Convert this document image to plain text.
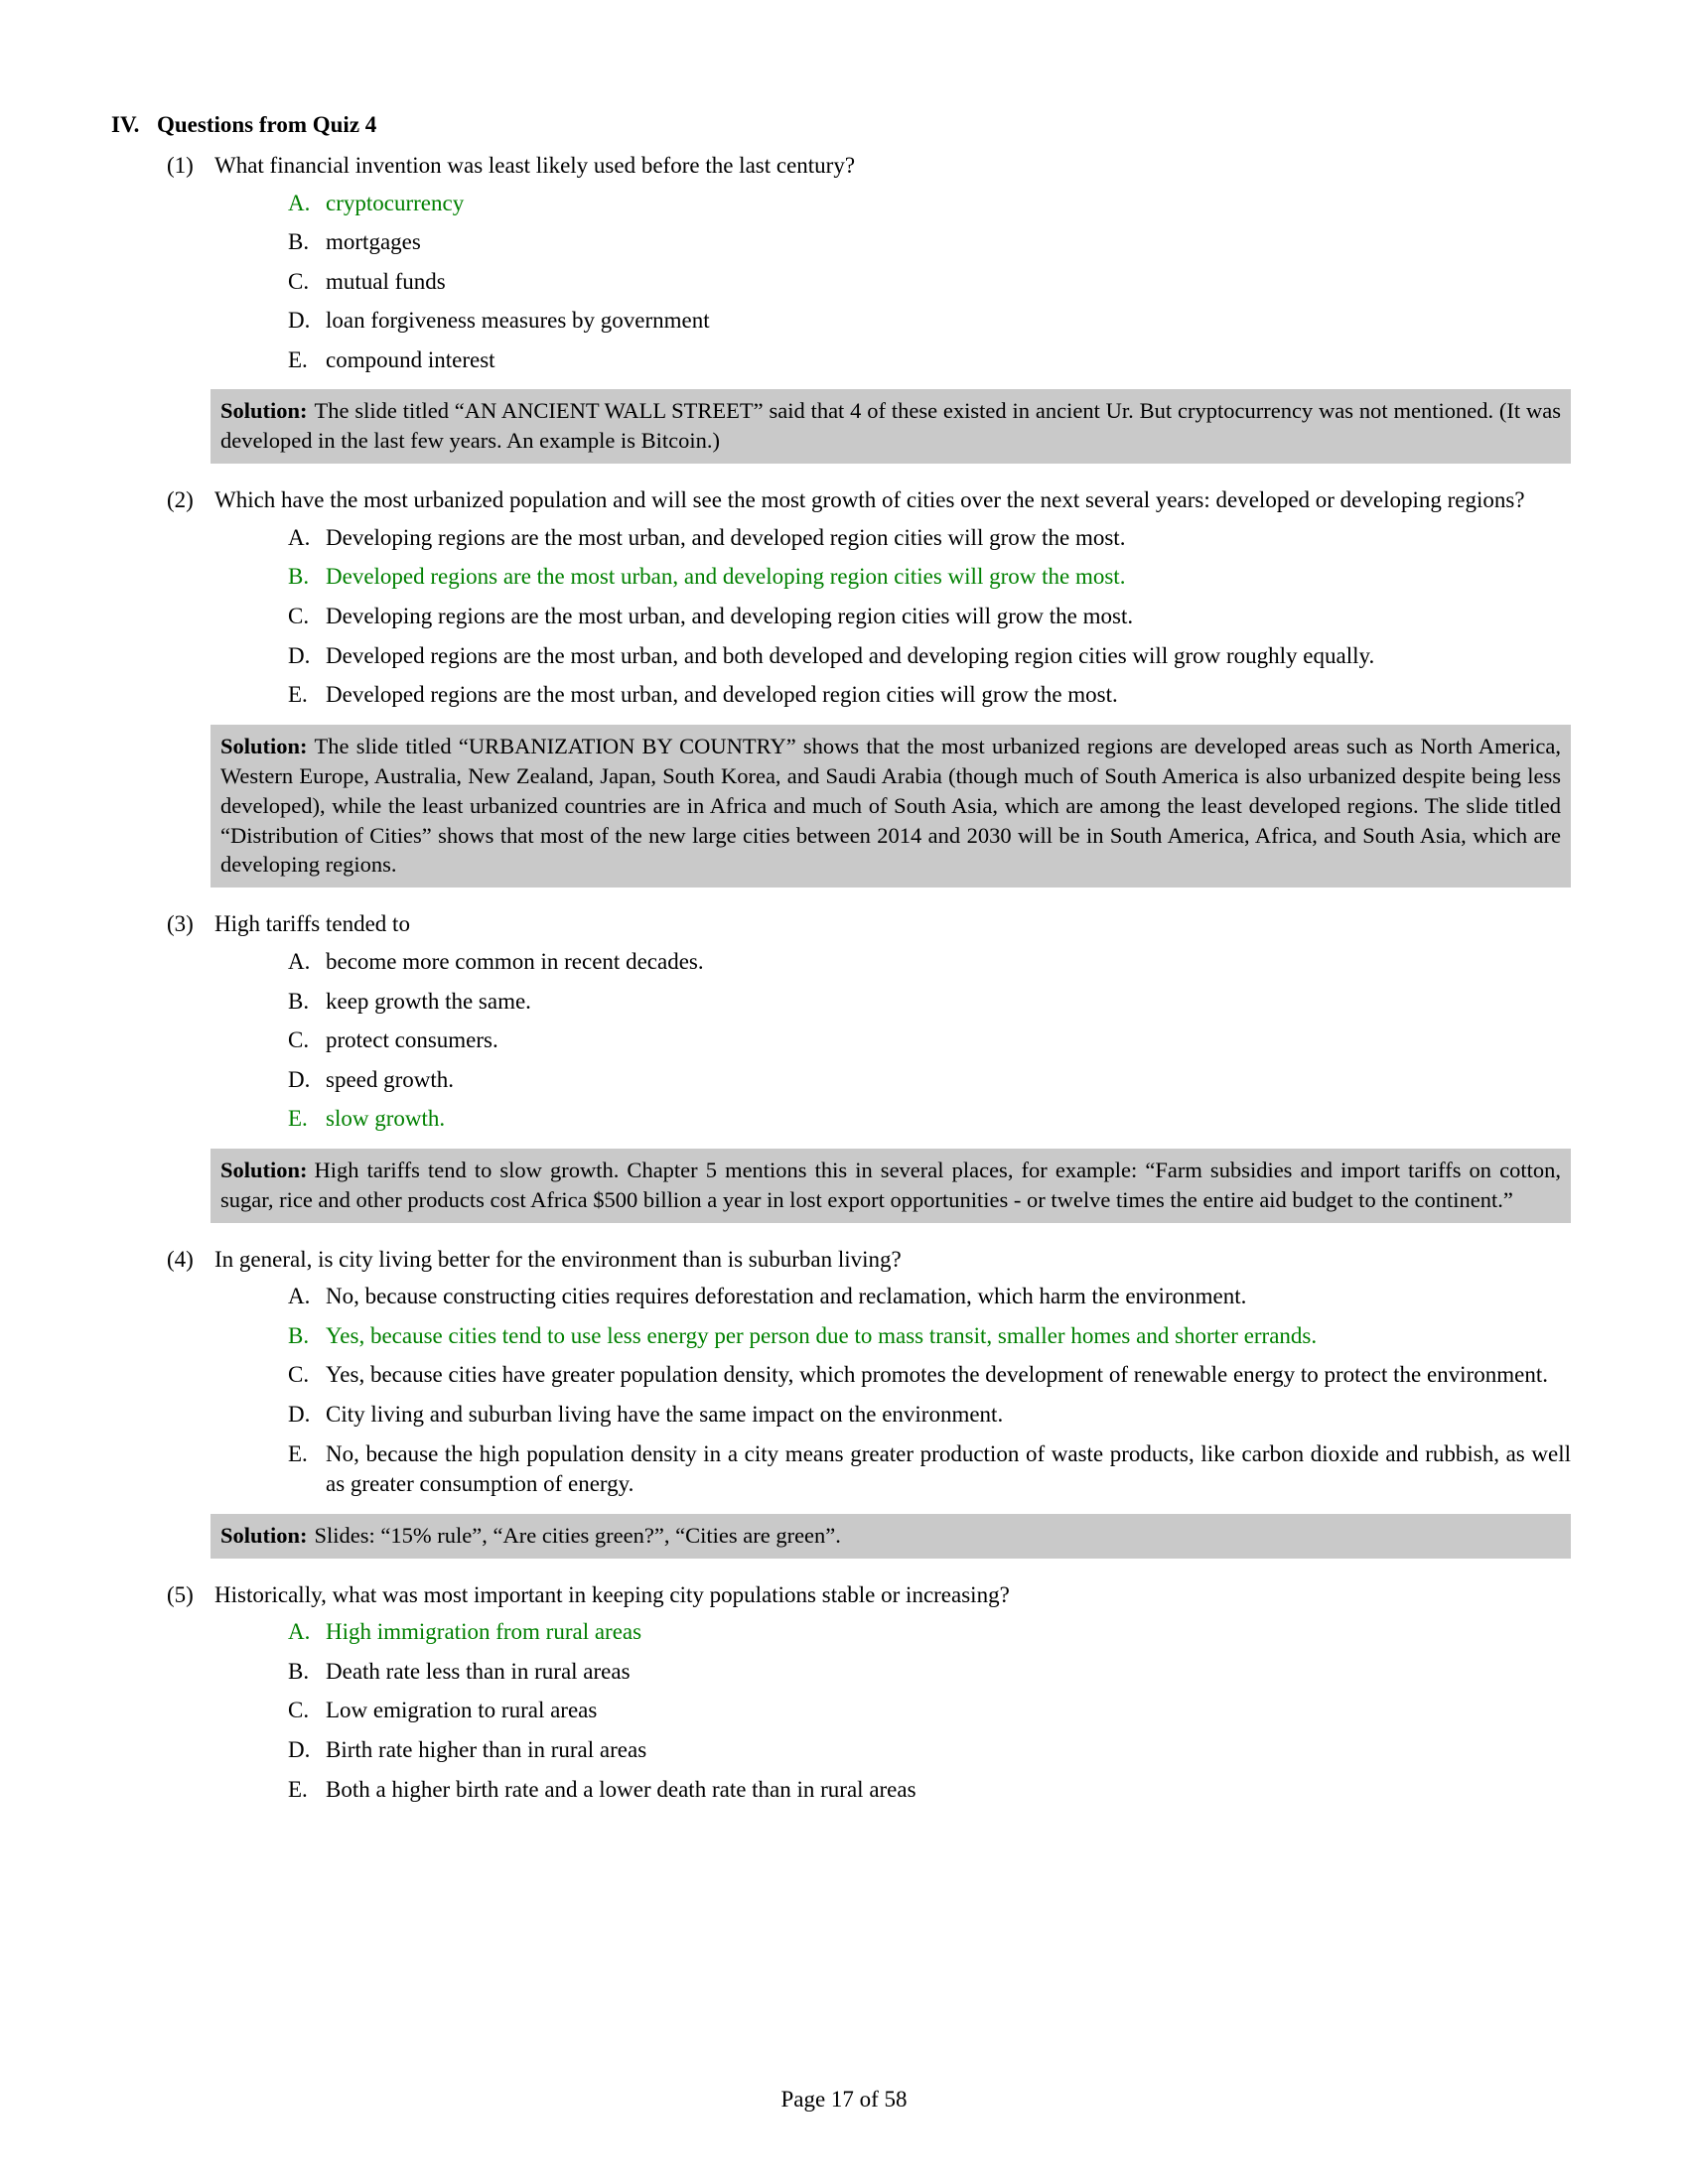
IV. Questions from Quiz 4
(1) What financial invention was least likely used before the last century?
A. cryptocurrency
B. mortgages
C. mutual funds
D. loan forgiveness measures by government
E. compound interest
Solution: The slide titled “AN ANCIENT WALL STREET” said that 4 of these existed in ancient Ur. But cryptocurrency was not mentioned. (It was developed in the last few years. An example is Bitcoin.)
(2) Which have the most urbanized population and will see the most growth of cities over the next several years: developed or developing regions?
A. Developing regions are the most urban, and developed region cities will grow the most.
B. Developed regions are the most urban, and developing region cities will grow the most.
C. Developing regions are the most urban, and developing region cities will grow the most.
D. Developed regions are the most urban, and both developed and developing region cities will grow roughly equally.
E. Developed regions are the most urban, and developed region cities will grow the most.
Solution: The slide titled “URBANIZATION BY COUNTRY” shows that the most urbanized regions are developed areas such as North America, Western Europe, Australia, New Zealand, Japan, South Korea, and Saudi Arabia (though much of South America is also urbanized despite being less developed), while the least urbanized countries are in Africa and much of South Asia, which are among the least developed regions. The slide titled “Distribution of Cities” shows that most of the new large cities between 2014 and 2030 will be in South America, Africa, and South Asia, which are developing regions.
(3) High tariffs tended to
A. become more common in recent decades.
B. keep growth the same.
C. protect consumers.
D. speed growth.
E. slow growth.
Solution: High tariffs tend to slow growth. Chapter 5 mentions this in several places, for example: “Farm subsidies and import tariffs on cotton, sugar, rice and other products cost Africa $500 billion a year in lost export opportunities - or twelve times the entire aid budget to the continent.”
(4) In general, is city living better for the environment than is suburban living?
A. No, because constructing cities requires deforestation and reclamation, which harm the environment.
B. Yes, because cities tend to use less energy per person due to mass transit, smaller homes and shorter errands.
C. Yes, because cities have greater population density, which promotes the development of renewable energy to protect the environment.
D. City living and suburban living have the same impact on the environment.
E. No, because the high population density in a city means greater production of waste products, like carbon dioxide and rubbish, as well as greater consumption of energy.
Solution: Slides: “15% rule”, “Are cities green?”, “Cities are green”.
(5) Historically, what was most important in keeping city populations stable or increasing?
A. High immigration from rural areas
B. Death rate less than in rural areas
C. Low emigration to rural areas
D. Birth rate higher than in rural areas
E. Both a higher birth rate and a lower death rate than in rural areas
Page 17 of 58
